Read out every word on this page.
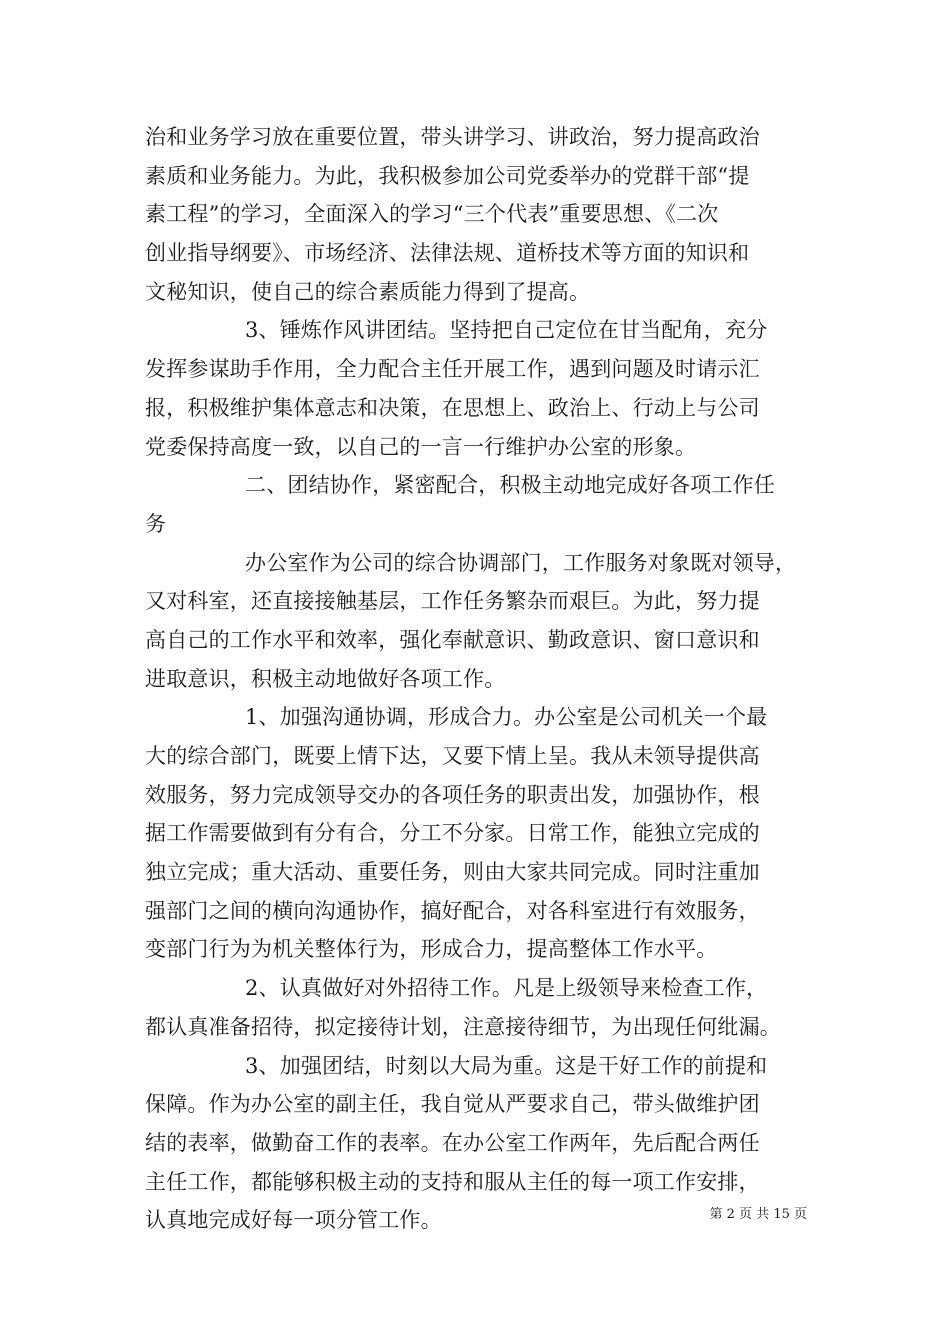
治和业务学习放在重要位置，带头讲学习、讲政治，努力提高政治
素质和业务能力。为此，我积极参加公司党委举办的党群干部“提
素工程”的学习，全面深入的学习“三个代表”重要思想、《二次
创业指导纲要》、市场经济、法律法规、道桥技术等方面的知识和
文秘知识，使自己的综合素质能力得到了提高。
3、锤炼作风讲团结。坚持把自己定位在甘当配角，充分
发挥参谋助手作用，全力配合主任开展工作，遇到问题及时请示汇
报，积极维护集体意志和决策，在思想上、政治上、行动上与公司
党委保持高度一致，以自己的一言一行维护办公室的形象。
二、团结协作，紧密配合，积极主动地完成好各项工作任
务
办公室作为公司的综合协调部门，工作服务对象既对领导，
又对科室，还直接接触基层，工作任务繁杂而艰巨。为此，努力提
高自己的工作水平和效率，强化奉献意识、勤政意识、窗口意识和
进取意识，积极主动地做好各项工作。
1、加强沟通协调，形成合力。办公室是公司机关一个最
大的综合部门，既要上情下达，又要下情上呈。我从未领导提供高
效服务，努力完成领导交办的各项任务的职责出发，加强协作，根
据工作需要做到有分有合，分工不分家。日常工作，能独立完成的
独立完成；重大活动、重要任务，则由大家共同完成。同时注重加
强部门之间的横向沟通协作，搞好配合，对各科室进行有效服务，
变部门行为为机关整体行为，形成合力，提高整体工作水平。
2、认真做好对外招待工作。凡是上级领导来检查工作，
都认真准备招待，拟定接待计划，注意接待细节，为出现任何纰漏。
3、加强团结，时刻以大局为重。这是干好工作的前提和
保障。作为办公室的副主任，我自觉从严要求自己，带头做维护团
结的表率，做勤奋工作的表率。在办公室工作两年，先后配合两任
主任工作，都能够积极主动的支持和服从主任的每一项工作安排，
认真地完成好每一项分管工作。	第 2 页 共 15 页
